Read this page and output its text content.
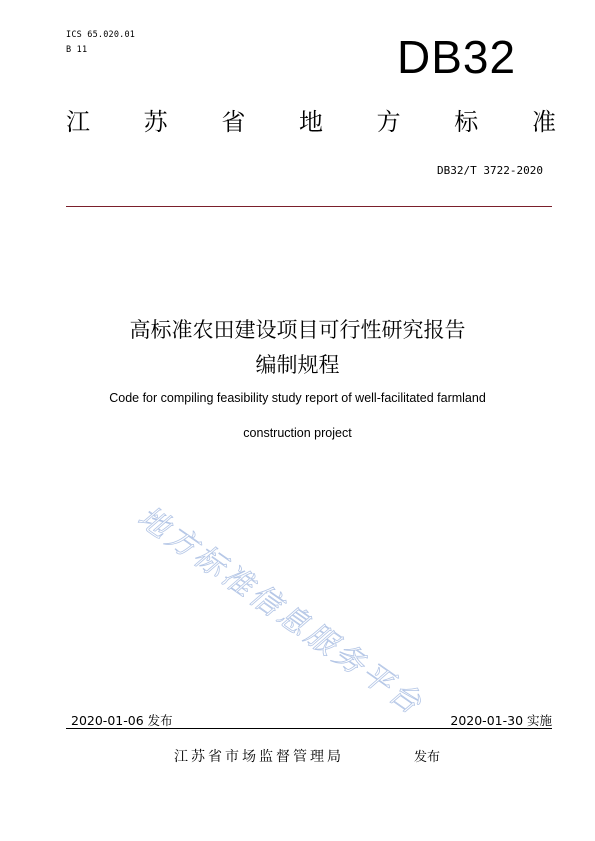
ICS 65.020.01
B 11	DB32
江 苏 省 地 方 标 准
DB32/T 3722-2020
高标准农田建设项目可行性研究报告
编制规程
Code for compiling feasibility study report of well-facilitated farmland
construction project
地方标准信息服务平台
2020-01-06 发布	2020-01-30 实施
江苏省市场监督管理局	发布
